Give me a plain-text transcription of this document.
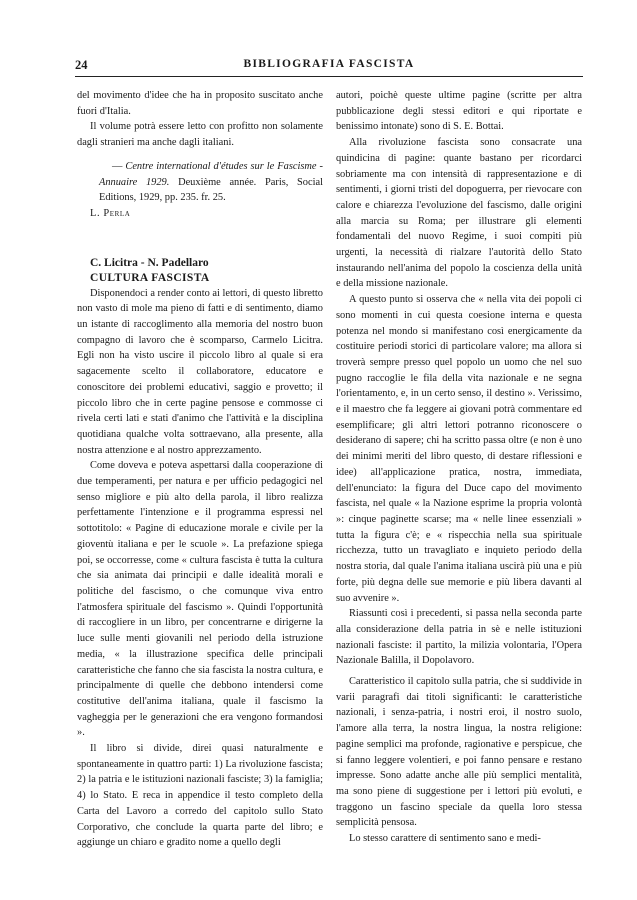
24	BIBLIOGRAFIA FASCISTA

del movimento d'idee che ha in proposito suscitato anche fuori d'Italia.

Il volume potrà essere letto con profitto non solamente dagli stranieri ma anche dagli italiani.

— Centre international d'études sur le Fascisme - Annuaire 1929. Deuxième année. Paris, Social Editions, 1929, pp. 235. fr. 25.

L. Perla

C. Licitra - N. Padellaro

CULTURA FASCISTA

Disponendoci a render conto ai lettori, di questo libretto non vasto di mole ma pieno di fatti e di sentimento, diamo un istante di raccoglimento alla memoria del nostro buon compagno di lavoro che è scomparso, Carmelo Licitra. Egli non ha visto uscire il piccolo libro al quale si era sagacemente scelto il collaboratore, educatore e conoscitore dei problemi educativi, saggio e provetto; il piccolo libro che in certe pagine pensose e commosse ci rivela certi lati e stati d'animo che l'attività e la disciplina quotidiana qualche volta sottraevano, alla presente, alla nostra attenzione e al nostro apprezzamento.

Come doveva e poteva aspettarsi dalla cooperazione di due temperamenti, per natura e per ufficio pedagogici nel senso migliore e più alto della parola, il libro realizza perfettamente l'intenzione e il programma espressi nel sottotitolo: « Pagine di educazione morale e civile per la gioventù italiana e per le scuole ». La prefazione spiega poi, se occorresse, come « cultura fascista è tutta la cultura che sia animata dai principii e dalle idealità morali e politiche del fascismo, o che comunque viva entro l'atmosfera spirituale del fascismo ». Quindi l'opportunità di raccogliere in un libro, per concentrarne e dirigerne la luce sulle menti giovanili nel periodo della istruzione media, « la illustrazione specifica delle principali caratteristiche che fanno che sia fascista la nostra cultura, e principalmente di quelle che debbono intendersi come costitutive dell'anima italiana, quale il fascismo la vagheggia per le generazioni che era vengono formandosi ».

Il libro si divide, direi quasi naturalmente e spontaneamente in quattro parti: 1) La rivoluzione fascista; 2) la patria e le istituzioni nazionali fasciste; 3) la famiglia; 4) lo Stato. E reca in appendice il testo completo della Carta del Lavoro a corredo del capitolo sullo Stato Corporativo, che conclude la quarta parte del libro; e aggiunge un chiaro e gradito nome a quello degli

autori, poichè queste ultime pagine (scritte per altra pubblicazione degli stessi editori e qui riportate e benissimo intonate) sono di S. E. Bottai.

Alla rivoluzione fascista sono consacrate una quindicina di pagine: quante bastano per ricordarci sobriamente ma con intensità di rappresentazione e di sentimenti, i giorni tristi del dopoguerra, per rievocare con calore e chiarezza l'evoluzione del fascismo, dalle origini alla marcia su Roma; per illustrare gli elementi fondamentali del nuovo Regime, i suoi compiti più urgenti, la necessità di rialzare l'autorità dello Stato instaurando nell'anima del popolo la coscienza della unità e della missione nazionale.

A questo punto si osserva che « nella vita dei popoli ci sono momenti in cui questa coesione interna e questa potenza nel mondo si manifestano così energicamente da costituire periodi storici di particolare valore; ma allora si troverà sempre presso quel popolo un uomo che nel suo pugno raccoglie le fila della vita nazionale e ne segna l'orientamento, e, in un certo senso, il destino ». Verissimo, e il maestro che fa leggere ai giovani potrà commentare ed esemplificare; gli altri lettori potranno riconoscere o desiderano di sapere; chi ha scritto passa oltre (e non è uno dei minimi meriti del libro questo, di destare riflessioni e idee) all'applicazione pratica, nostra, immediata, dell'enunciato: la figura del Duce capo del movimento fascista, nel quale « la Nazione esprime la propria volontà »: cinque paginette scarse; ma « nelle linee essenziali » tutta la figura c'è; e « rispecchia nella sua spirituale ricchezza, tutto un travagliato e inquieto periodo della nostra storia, dal quale l'anima italiana uscirà più una e più forte, più degna delle sue memorie e più libera davanti al suo avvenire ».

Riassunti così i precedenti, si passa nella seconda parte alla considerazione della patria in sè e nelle istituzioni nazionali fasciste: il partito, la milizia volontaria, l'Opera Nazionale Balilla, il Dopolavoro.

Caratteristico il capitolo sulla patria, che si suddivide in varii paragrafi dai titoli significanti: le caratteristiche nazionali, i senza-patria, i nostri eroi, il nostro suolo, l'amore alla terra, la nostra lingua, la nostra religione: pagine semplici ma profonde, ragionative e perspicue, che si fanno leggere volentieri, e poi fanno pensare e restano impresse. Sono adatte anche alle più semplici mentalità, ma sono piene di suggestione per i lettori più evoluti, e traggono un fascino speciale da quella loro stessa semplicità pensosa.

Lo stesso carattere di sentimento sano e medi-
